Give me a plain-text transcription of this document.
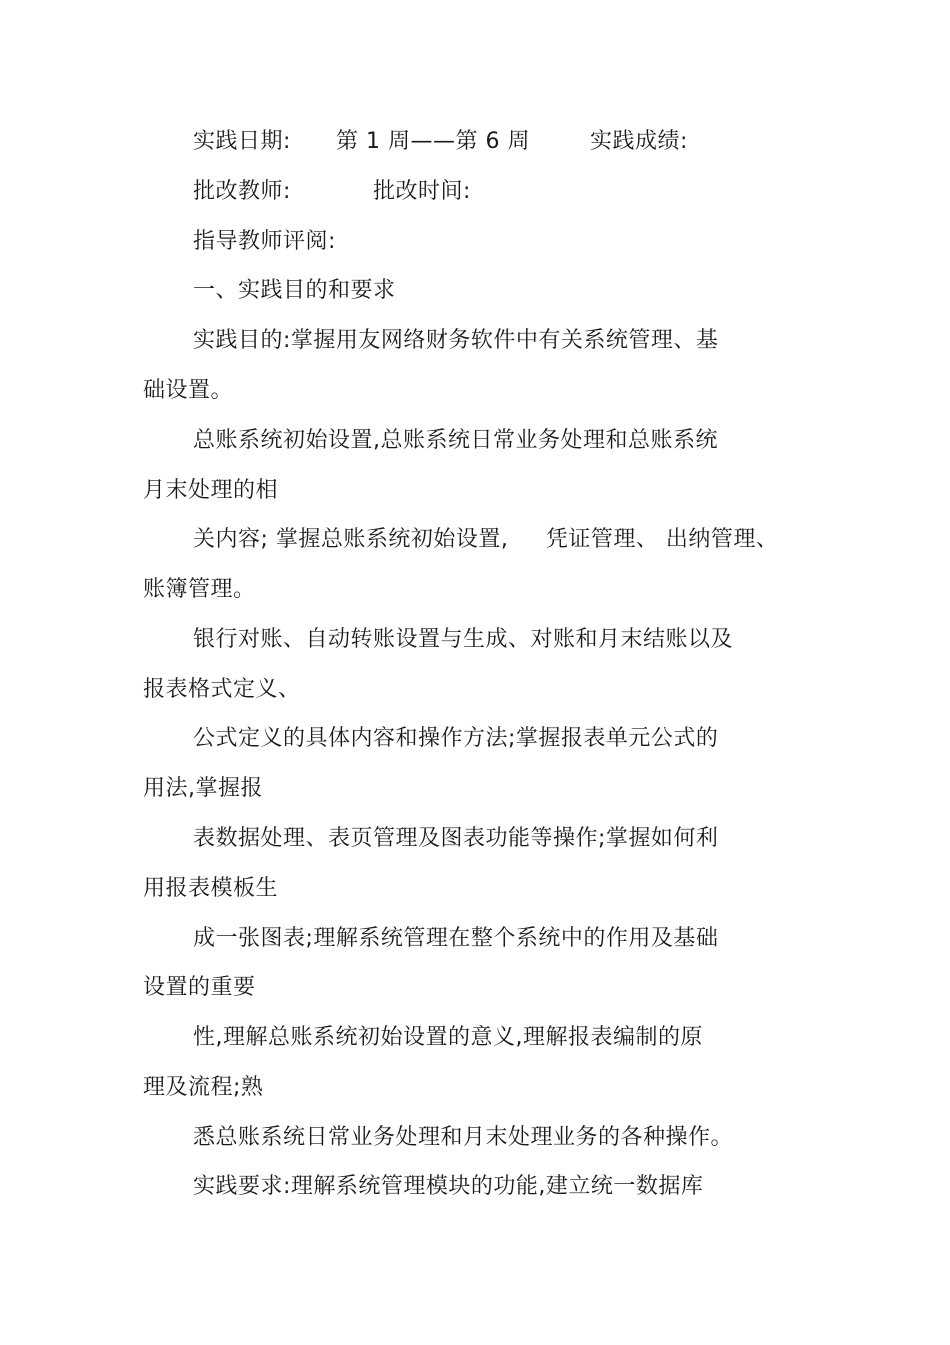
实践日期: 第 1 周——第 6 周	实践成绩:
批改教师:	批改时间:
指导教师评阅:
一、实践目的和要求
实践目的:掌握用友网络财务软件中有关系统管理、基
础设置。
总账系统初始设置,总账系统日常业务处理和总账系统
月末处理的相
关内容; 掌握总账系统初始设置,     凭证管理、 出纳管理、
账簿管理。
银行对账、自动转账设置与生成、对账和月末结账以及
报表格式定义、
公式定义的具体内容和操作方法;掌握报表单元公式的
用法,掌握报
表数据处理、表页管理及图表功能等操作;掌握如何利
用报表模板生
成一张图表;理解系统管理在整个系统中的作用及基础
设置的重要
性,理解总账系统初始设置的意义,理解报表编制的原
理及流程;熟
悉总账系统日常业务处理和月末处理业务的各种操作。
实践要求:理解系统管理模块的功能,建立统一数据库
